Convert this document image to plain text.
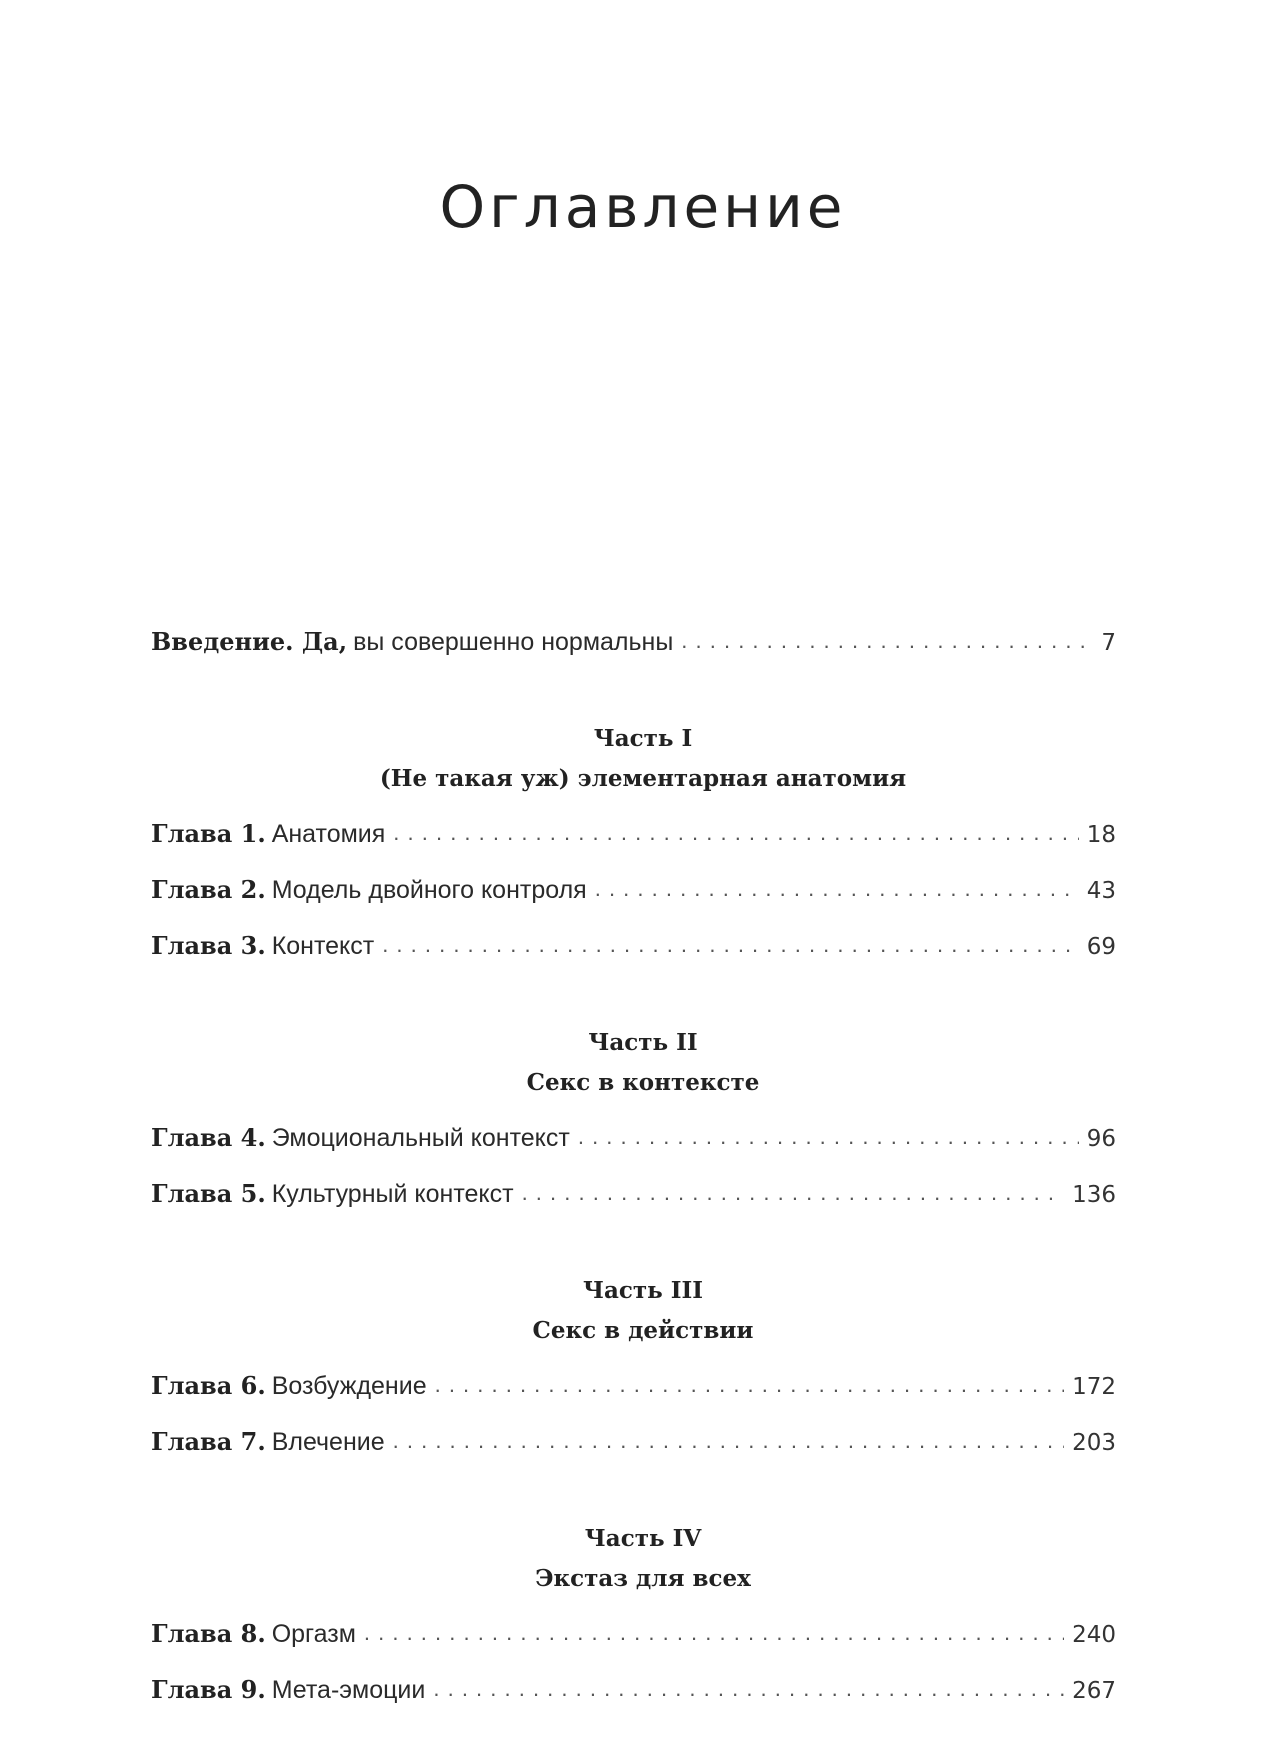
Оглавление
Введение. Да, вы совершенно нормальны . . .	7
Часть I
(Не такая уж) элементарная анатомия
Глава 1. Анатомия . . .	18
Глава 2. Модель двойного контроля . . .	43
Глава 3. Контекст . . .	69
Часть II
Секс в контексте
Глава 4. Эмоциональный контекст . . .	96
Глава 5. Культурный контекст . . .	136
Часть III
Секс в действии
Глава 6. Возбуждение . . .	172
Глава 7. Влечение . . .	203
Часть IV
Экстаз для всех
Глава 8. Оргазм . . .	240
Глава 9. Мета-эмоции . . .	267
